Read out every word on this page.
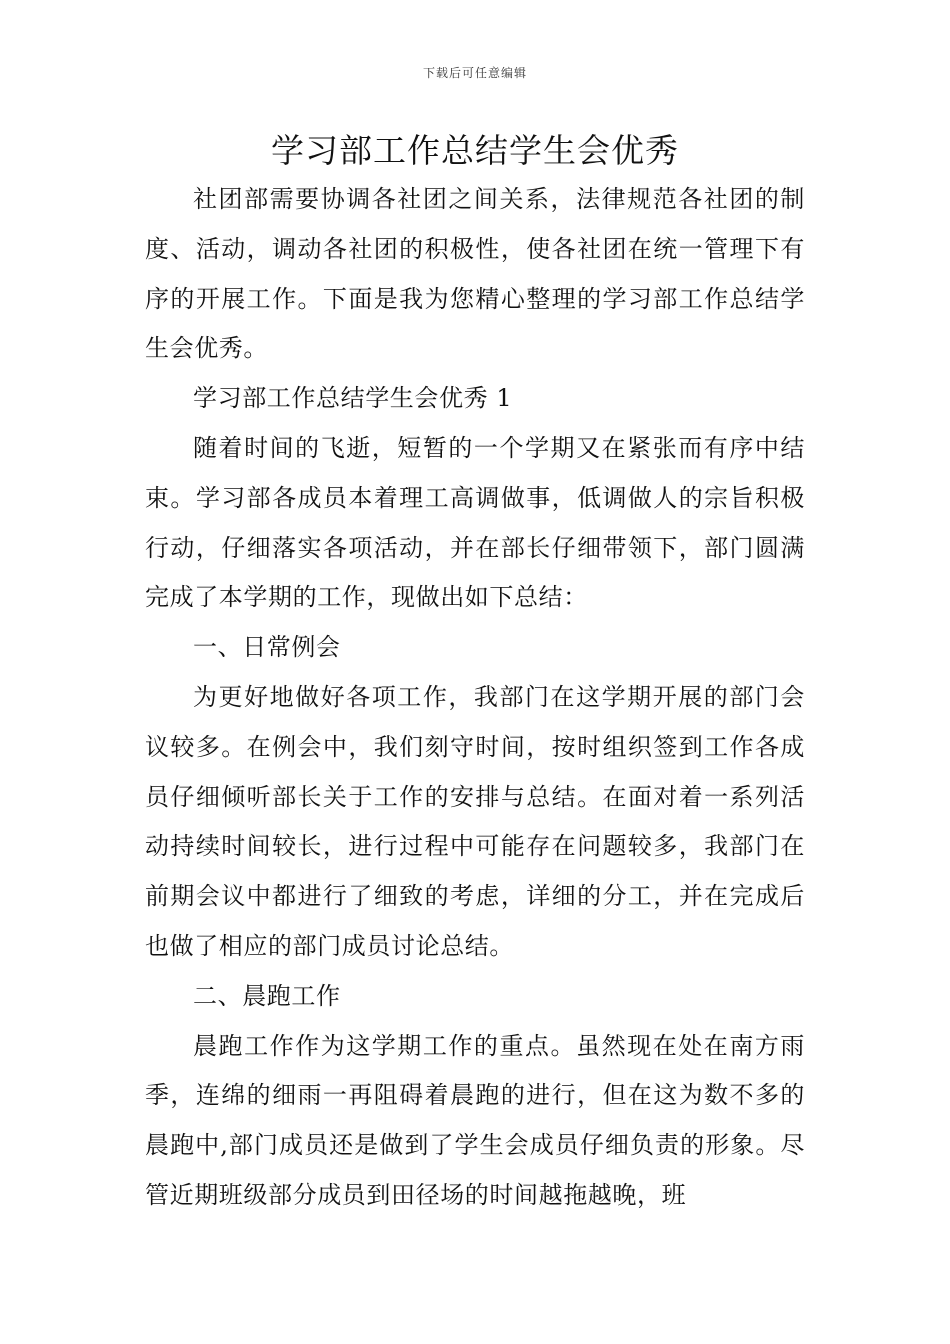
下载后可任意编辑
学习部工作总结学生会优秀

社团部需要协调各社团之间关系，法律规范各社团的制度、活动，调动各社团的积极性，使各社团在统一管理下有序的开展工作。下面是我为您精心整理的学习部工作总结学生会优秀。

学习部工作总结学生会优秀 1

随着时间的飞逝，短暂的一个学期又在紧张而有序中结束。学习部各成员本着理工高调做事，低调做人的宗旨积极行动，仔细落实各项活动，并在部长仔细带领下，部门圆满完成了本学期的工作，现做出如下总结：

一、日常例会

为更好地做好各项工作，我部门在这学期开展的部门会议较多。在例会中，我们刻守时间，按时组织签到工作各成员仔细倾听部长关于工作的安排与总结。在面对着一系列活动持续时间较长，进行过程中可能存在问题较多，我部门在前期会议中都进行了细致的考虑，详细的分工，并在完成后也做了相应的部门成员讨论总结。

二、晨跑工作

晨跑工作作为这学期工作的重点。虽然现在处在南方雨季，连绵的细雨一再阻碍着晨跑的进行，但在这为数不多的晨跑中,部门成员还是做到了学生会成员仔细负责的形象。尽管近期班级部分成员到田径场的时间越拖越晚，班
